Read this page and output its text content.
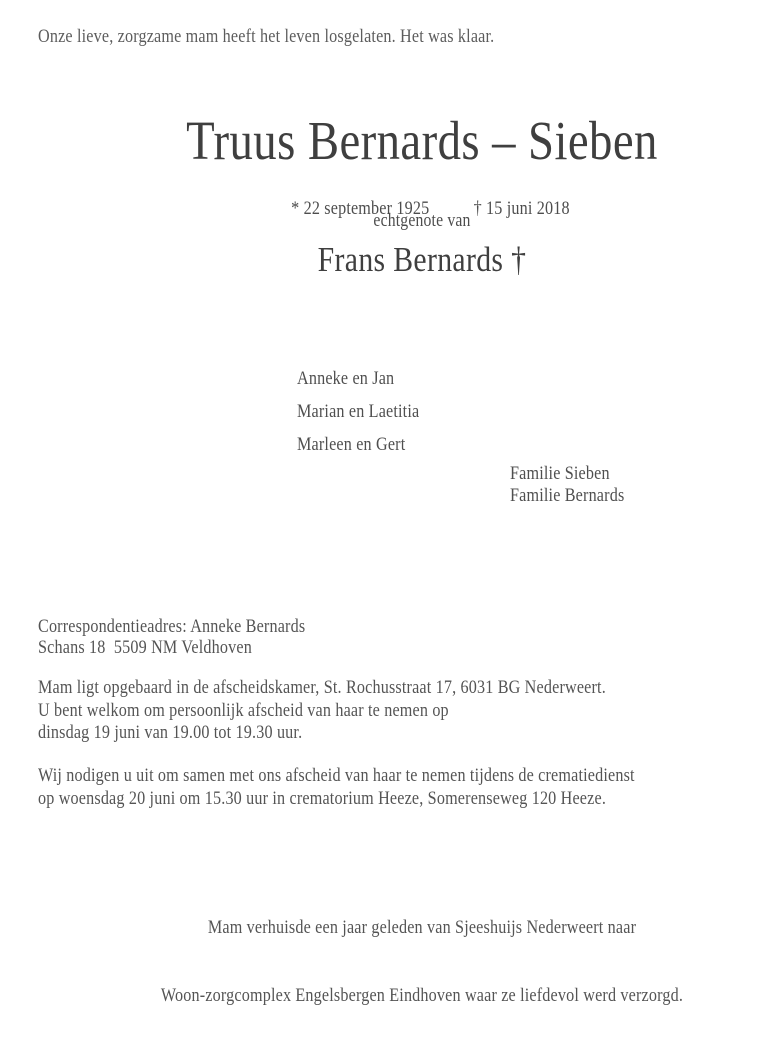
Onze lieve, zorgzame mam heeft het leven losgelaten. Het was klaar.
Truus Bernards – Sieben

* 22 september 1925 † 15 juni 2018

echtgenote van
Frans Bernards †
Anneke en Jan
Marian en Laetitia
Marleen en Gert
Familie Sieben
Familie Bernards
Correspondentieadres: Anneke Bernards
Schans 18  5509 NM Veldhoven
Mam ligt opgebaard in de afscheidskamer, St. Rochusstraat 17, 6031 BG Nederweert.
U bent welkom om persoonlijk afscheid van haar te nemen op
dinsdag 19 juni van 19.00 tot 19.30 uur.
Wij nodigen u uit om samen met ons afscheid van haar te nemen tijdens de crematiedienst
op woensdag 20 juni om 15.30 uur in crematorium Heeze, Somerenseweg 120 Heeze.

Mam verhuisde een jaar geleden van Sjeeshuijs Nederweert naar

Woon-zorgcomplex Engelsbergen Eindhoven waar ze liefdevol werd verzorgd.
